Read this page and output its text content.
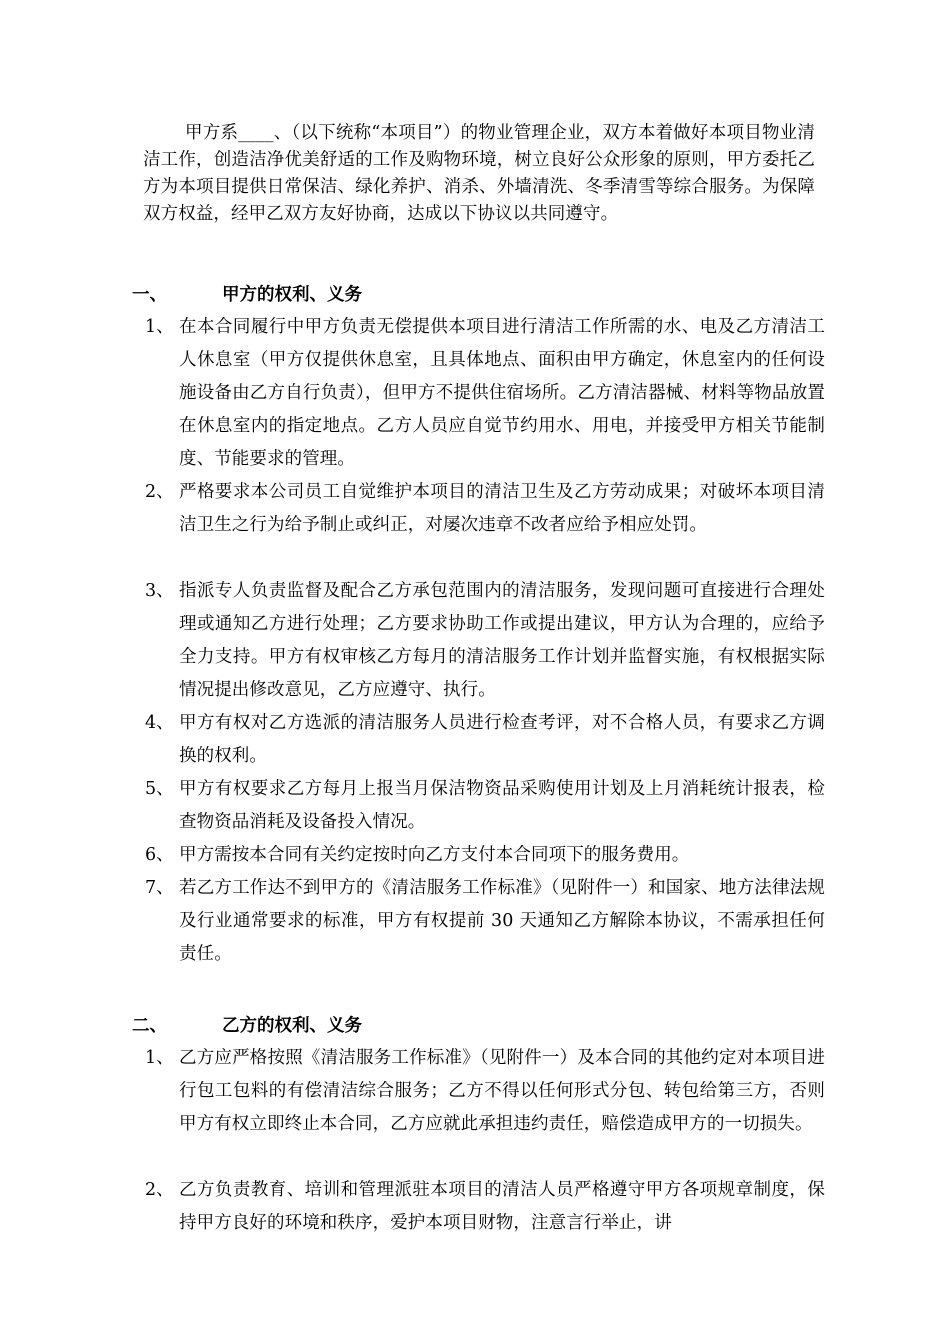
甲方系____、（以下统称“本项目”）的物业管理企业，双方本着做好本项目物业清洁工作，创造洁净优美舒适的工作及购物环境，树立良好公众形象的原则，甲方委托乙方为本项目提供日常保洁、绿化养护、消杀、外墙清洗、冬季清雪等综合服务。为保障双方权益，经甲乙双方友好协商，达成以下协议以共同遵守。
一、	甲方的权利、义务
1、 在本合同履行中甲方负责无偿提供本项目进行清洁工作所需的水、电及乙方清洁工人休息室（甲方仅提供休息室，且具体地点、面积由甲方确定，休息室内的任何设施设备由乙方自行负责），但甲方不提供住宿场所。乙方清洁器械、材料等物品放置在休息室内的指定地点。乙方人员应自觉节约用水、用电，并接受甲方相关节能制度、节能要求的管理。
2、 严格要求本公司员工自觉维护本项目的清洁卫生及乙方劳动成果；对破坏本项目清洁卫生之行为给予制止或纠正，对屡次违章不改者应给予相应处罚。
3、 指派专人负责监督及配合乙方承包范围内的清洁服务，发现问题可直接进行合理处理或通知乙方进行处理；乙方要求协助工作或提出建议，甲方认为合理的，应给予全力支持。甲方有权审核乙方每月的清洁服务工作计划并监督实施，有权根据实际情况提出修改意见，乙方应遵守、执行。
4、 甲方有权对乙方选派的清洁服务人员进行检查考评，对不合格人员，有要求乙方调换的权利。
5、 甲方有权要求乙方每月上报当月保洁物资品采购使用计划及上月消耗统计报表，检查物资品消耗及设备投入情况。
6、 甲方需按本合同有关约定按时向乙方支付本合同项下的服务费用。
7、 若乙方工作达不到甲方的《清洁服务工作标准》（见附件一）和国家、地方法律法规及行业通常要求的标准，甲方有权提前 30 天通知乙方解除本协议，不需承担任何责任。
二、	乙方的权利、义务
1、 乙方应严格按照《清洁服务工作标准》（见附件一）及本合同的其他约定对本项目进行包工包料的有偿清洁综合服务；乙方不得以任何形式分包、转包给第三方，否则甲方有权立即终止本合同，乙方应就此承担违约责任，赔偿造成甲方的一切损失。
2、 乙方负责教育、培训和管理派驻本项目的清洁人员严格遵守甲方各项规章制度，保持甲方良好的环境和秩序，爱护本项目财物，注意言行举止，讲
